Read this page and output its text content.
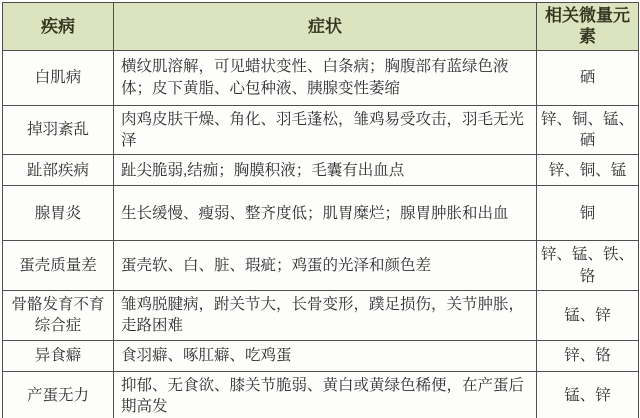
疾病	症状	相关微量元素
白肌病	横纹肌溶解，可见蜡状变性、白条病；胸腹部有蓝绿色液体；皮下黄脂、心包种液、胰腺变性萎缩	硒
掉羽紊乱	肉鸡皮肤干燥、角化、羽毛蓬松，雏鸡易受攻击，羽毛无光泽	锌、铜、锰、硒
趾部疾病	趾尖脆弱,结痂；胸膜积液；毛囊有出血点	锌、铜、锰
腺胃炎	生长缓慢、瘦弱、整齐度低；肌胃糜烂；腺胃肿胀和出血	铜
蛋壳质量差	蛋壳软、白、脏、瑕疵；鸡蛋的光泽和颜色差	锌、锰、铁、铬
骨骼发育不育综合症	雏鸡脱腱病，跗关节大，长骨变形，蹼足损伤，关节肿胀，走路困难	锰、锌
异食癖	食羽癖、啄肛癖、吃鸡蛋	锌、铬
产蛋无力	抑郁、无食欲、膝关节脆弱、黄白或黄绿色稀便，在产蛋后期高发	锰、锌
